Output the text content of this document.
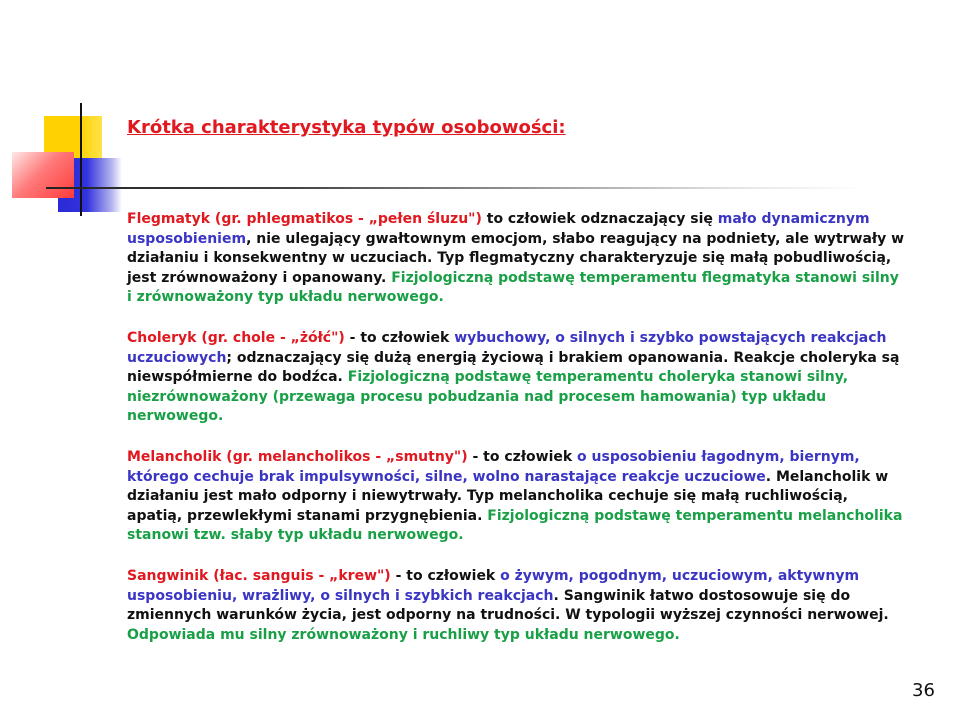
Krótka charakterystyka typów osobowości:

Flegmatyk (gr. phlegmatikos - „pełen śluzu") to człowiek odznaczający się mało dynamicznym usposobieniem, nie ulegający gwałtownym emocjom, słabo reagujący na podniety, ale wytrwały w działaniu i konsekwentny w uczuciach. Typ flegmatyczny charakteryzuje się małą pobudliwością, jest zrównoważony i opanowany. Fizjologiczną podstawę temperamentu flegmatyka stanowi silny i zrównoważony typ układu nerwowego.

Choleryk (gr. chole - „żółć") - to człowiek wybuchowy, o silnych i szybko powstających reakcjach uczuciowych; odznaczający się dużą energią życiową i brakiem opanowania. Reakcje choleryka są niewspółmierne do bodźca. Fizjologiczną podstawę temperamentu choleryka stanowi silny, niezrównoważony (przewaga procesu pobudzania nad procesem hamowania) typ układu nerwowego.

Melancholik (gr. melancholikos - „smutny") - to człowiek o usposobieniu łagodnym, biernym, którego cechuje brak impulsywności, silne, wolno narastające reakcje uczuciowe. Melancholik w działaniu jest mało odporny i niewytrwały. Typ melancholika cechuje się małą ruchliwością, apatią, przewlekłymi stanami przygnębienia. Fizjologiczną podstawę temperamentu melancholika stanowi tzw. słaby typ układu nerwowego.

Sangwinik (łac. sanguis - „krew") - to człowiek o żywym, pogodnym, uczuciowym, aktywnym usposobieniu, wrażliwy, o silnych i szybkich reakcjach. Sangwinik łatwo dostosowuje się do zmiennych warunków życia, jest odporny na trudności. W typologii wyższej czynności nerwowej. Odpowiada mu silny zrównoważony i ruchliwy typ układu nerwowego.

36
